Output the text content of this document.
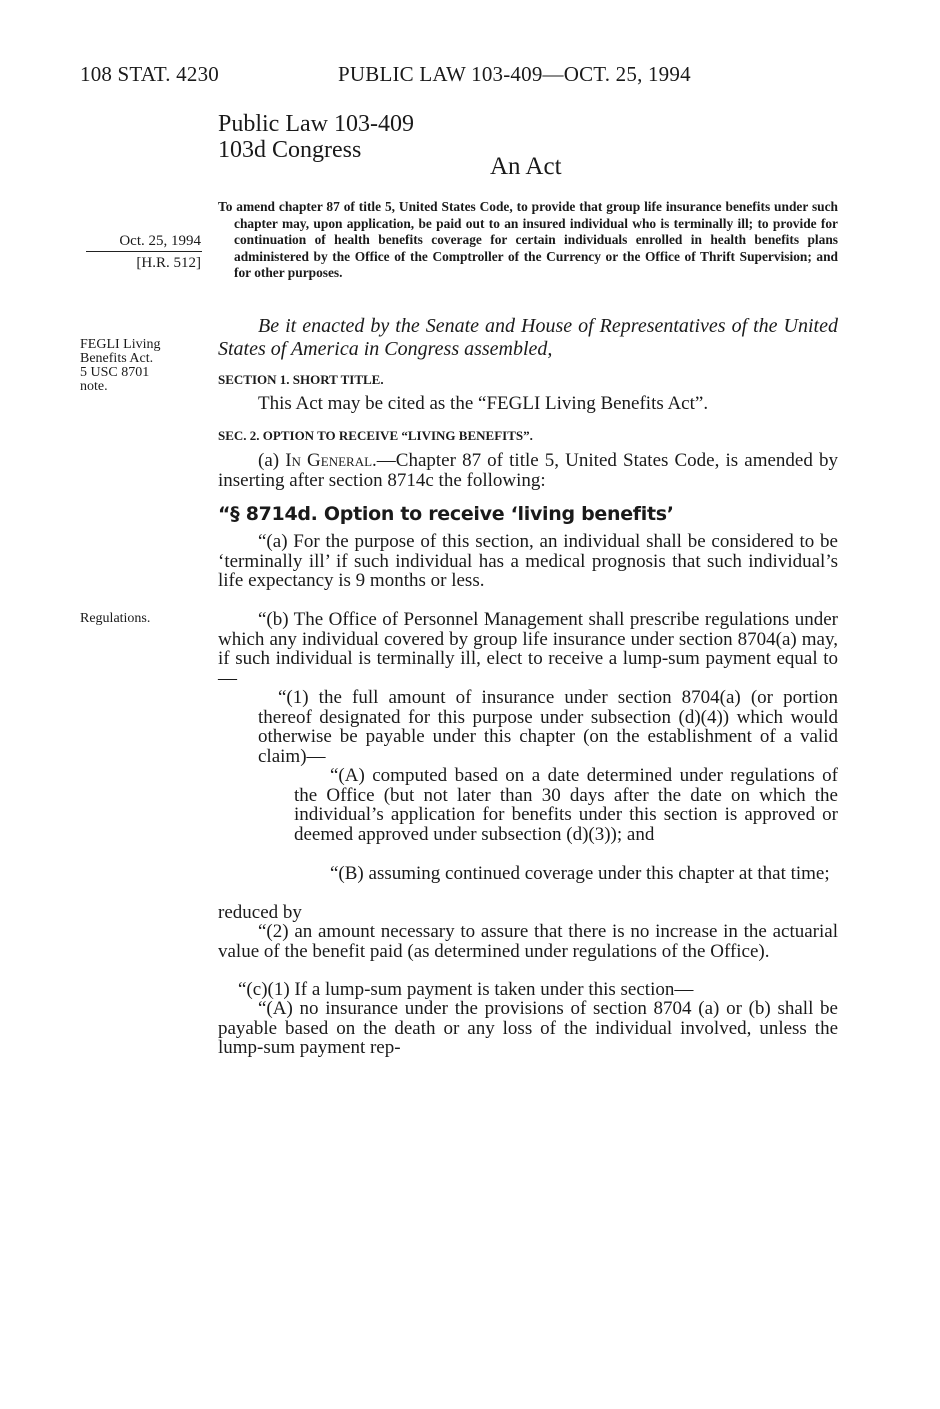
108 STAT. 4230	PUBLIC LAW 103-409—OCT. 25, 1994
Public Law 103-409
103d Congress
An Act
Oct. 25, 1994
[H.R. 512]
FEGLI Living
Benefits Act.
5 USC 8701
note.
Regulations.
To amend chapter 87 of title 5, United States Code, to provide that group life insurance benefits under such chapter may, upon application, be paid out to an insured individual who is terminally ill; to provide for continuation of health benefits coverage for certain individuals enrolled in health benefits plans administered by the Office of the Comptroller of the Currency or the Office of Thrift Supervision; and for other purposes.
Be it enacted by the Senate and House of Representatives of the United States of America in Congress assembled,
SECTION 1. SHORT TITLE.
This Act may be cited as the “FEGLI Living Benefits Act”.
SEC. 2. OPTION TO RECEIVE “LIVING BENEFITS”.
(a) In General.—Chapter 87 of title 5, United States Code, is amended by inserting after section 8714c the following:
“§ 8714d. Option to receive ‘living benefits’
“(a) For the purpose of this section, an individual shall be considered to be ‘terminally ill’ if such individual has a medical prognosis that such individual’s life expectancy is 9 months or less.
“(b) The Office of Personnel Management shall prescribe regulations under which any individual covered by group life insurance under section 8704(a) may, if such individual is terminally ill, elect to receive a lump-sum payment equal to—
“(1) the full amount of insurance under section 8704(a) (or portion thereof designated for this purpose under subsection (d)(4)) which would otherwise be payable under this chapter (on the establishment of a valid claim)—
“(A) computed based on a date determined under regulations of the Office (but not later than 30 days after the date on which the individual’s application for benefits under this section is approved or deemed approved under subsection (d)(3)); and
“(B) assuming continued coverage under this chapter at that time;
reduced by
“(2) an amount necessary to assure that there is no increase in the actuarial value of the benefit paid (as determined under regulations of the Office).
“(c)(1) If a lump-sum payment is taken under this section—
“(A) no insurance under the provisions of section 8704 (a) or (b) shall be payable based on the death or any loss of the individual involved, unless the lump-sum payment rep-
